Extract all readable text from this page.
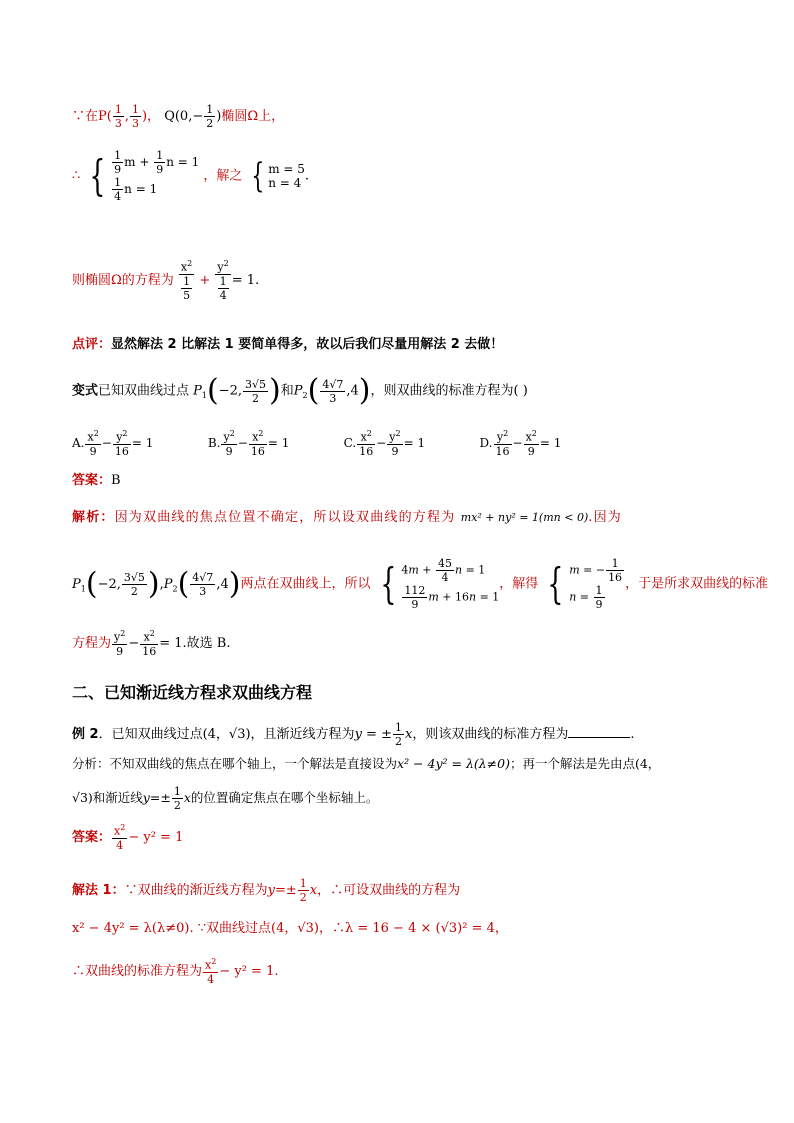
∵在$P( \frac{1}{3}$ , $\frac{1}{3}$ )， $Q(0,- \frac{1}{2}$ )椭圆Ω上，
∴ { $\frac{1}{9}$ $m + \frac{1}{9}$ n = 1
$\frac{1}{4}$ n = 1
，解之 { m = 5
n = 4 .
则椭圆Ω的方程为 $\frac{x^2}{\frac{1}{5}} + \frac{y^2}{\frac{1}{4}} = 1$.
点评：显然解法 2 比解法 1 要简单得多，故以后我们尽量用解法 2 去做！
变式已知双曲线过点 $P_1(-2$, $\frac{3√5}{2}$ )和$P_2( \frac{4√7}{3} ,4)$，则双曲线的标准方程为( )
A. $\frac{x^2}{9} - \frac{y^2}{16} = 1$	B. $\frac{y^2}{9} - \frac{x^2}{16} = 1$	C. $\frac{x^2}{16} - \frac{y^2}{9} = 1$	D. $\frac{y^2}{16} - \frac{x^2}{9} = 1$
答案：B
解析：因为双曲线的焦点位置不确定，所以设双曲线的方程为 mx² + ny² = 1(mn < 0).因为
$P_1(-2$, $\frac{3√5}{2} ),P_2( \frac{4√7}{3} ,4)$两点在双曲线上，所以 { $4m + \frac{45}{4}$ n = 1
$\frac{112}{9}$ m + 16n = 1
，解得 { m = − $\frac{1}{16}$
$n = \frac{1}{9}$
，于是所求双曲线的标准
方程为 $\frac{y^2}{9} - \frac{x^2}{16} = 1$.故选 B.
二、已知渐近线方程求双曲线方程
例 2．已知双曲线过点(4，√3)，且渐近线方程为y = ± $\frac{1}{2}$ x，则该双曲线的标准方程为	.
分析：不知双曲线的焦点在哪个轴上，一个解法是直接设为x² − 4y² = λ(λ≠0)；再一个解法是先由点(4，
√3)和渐近线$y=\pm \frac{1}{2}$ x的位置确定焦点在哪个坐标轴上。
答案： $\frac{x^2}{4} - y^2 = 1$
解法 1：∵双曲线的渐近线方程为$y=\pm \frac{1}{2}$ x，∴可设双曲线的方程为
x² − 4y² = λ(λ≠0). ∵双曲线过点(4，√3)，∴λ = 16 − 4 × (√3)² = 4，
∴双曲线的标准方程为 $\frac{x^2}{4} - y^2 = 1$.
